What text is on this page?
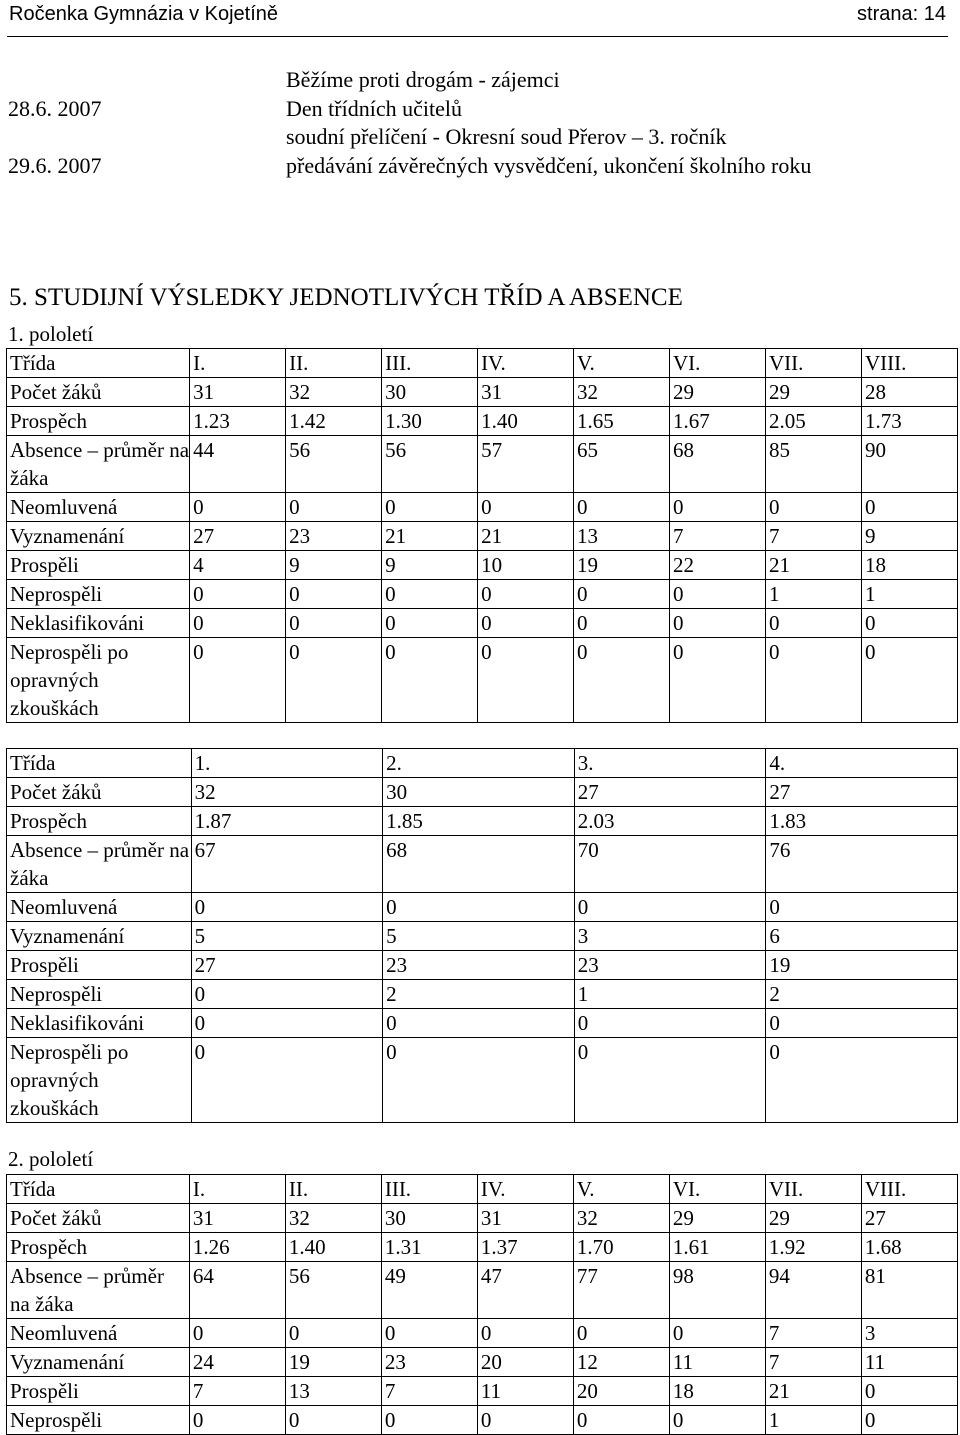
Ročenka Gymnázia v Kojetíně	strana: 14
Běžíme proti drogám - zájemci
28.6. 2007	Den třídních učitelů
soudní přelíčení - Okresní soud Přerov – 3. ročník
29.6. 2007	předávání závěrečných vysvědčení, ukončení školního roku
5. STUDIJNÍ VÝSLEDKY JEDNOTLIVÝCH TŘÍD A ABSENCE
1. pololetí
Třída	I.	II.	III.	IV.	V.	VI.	VII.	VIII.
Počet žáků	31	32	30	31	32	29	29	28
Prospěch	1.23	1.42	1.30	1.40	1.65	1.67	2.05	1.73
Absence – průměr na žáka	44	56	56	57	65	68	85	90
Neomluvená	0	0	0	0	0	0	0	0
Vyznamenání	27	23	21	21	13	7	7	9
Prospěli	4	9	9	10	19	22	21	18
Neprospěli	0	0	0	0	0	0	1	1
Neklasifikováni	0	0	0	0	0	0	0	0
Neprospěli po opravných zkouškách	0	0	0	0	0	0	0	0
Třída	1.	2.	3.	4.
Počet žáků	32	30	27	27
Prospěch	1.87	1.85	2.03	1.83
Absence – průměr na žáka	67	68	70	76
Neomluvená	0	0	0	0
Vyznamenání	5	5	3	6
Prospěli	27	23	23	19
Neprospěli	0	2	1	2
Neklasifikováni	0	0	0	0
Neprospěli po opravných zkouškách	0	0	0	0
2. pololetí
Třída	I.	II.	III.	IV.	V.	VI.	VII.	VIII.
Počet žáků	31	32	30	31	32	29	29	27
Prospěch	1.26	1.40	1.31	1.37	1.70	1.61	1.92	1.68
Absence – průměr na žáka	64	56	49	47	77	98	94	81
Neomluvená	0	0	0	0	0	0	7	3
Vyznamenání	24	19	23	20	12	11	7	11
Prospěli	7	13	7	11	20	18	21	0
Neprospěli	0	0	0	0	0	0	1	0
